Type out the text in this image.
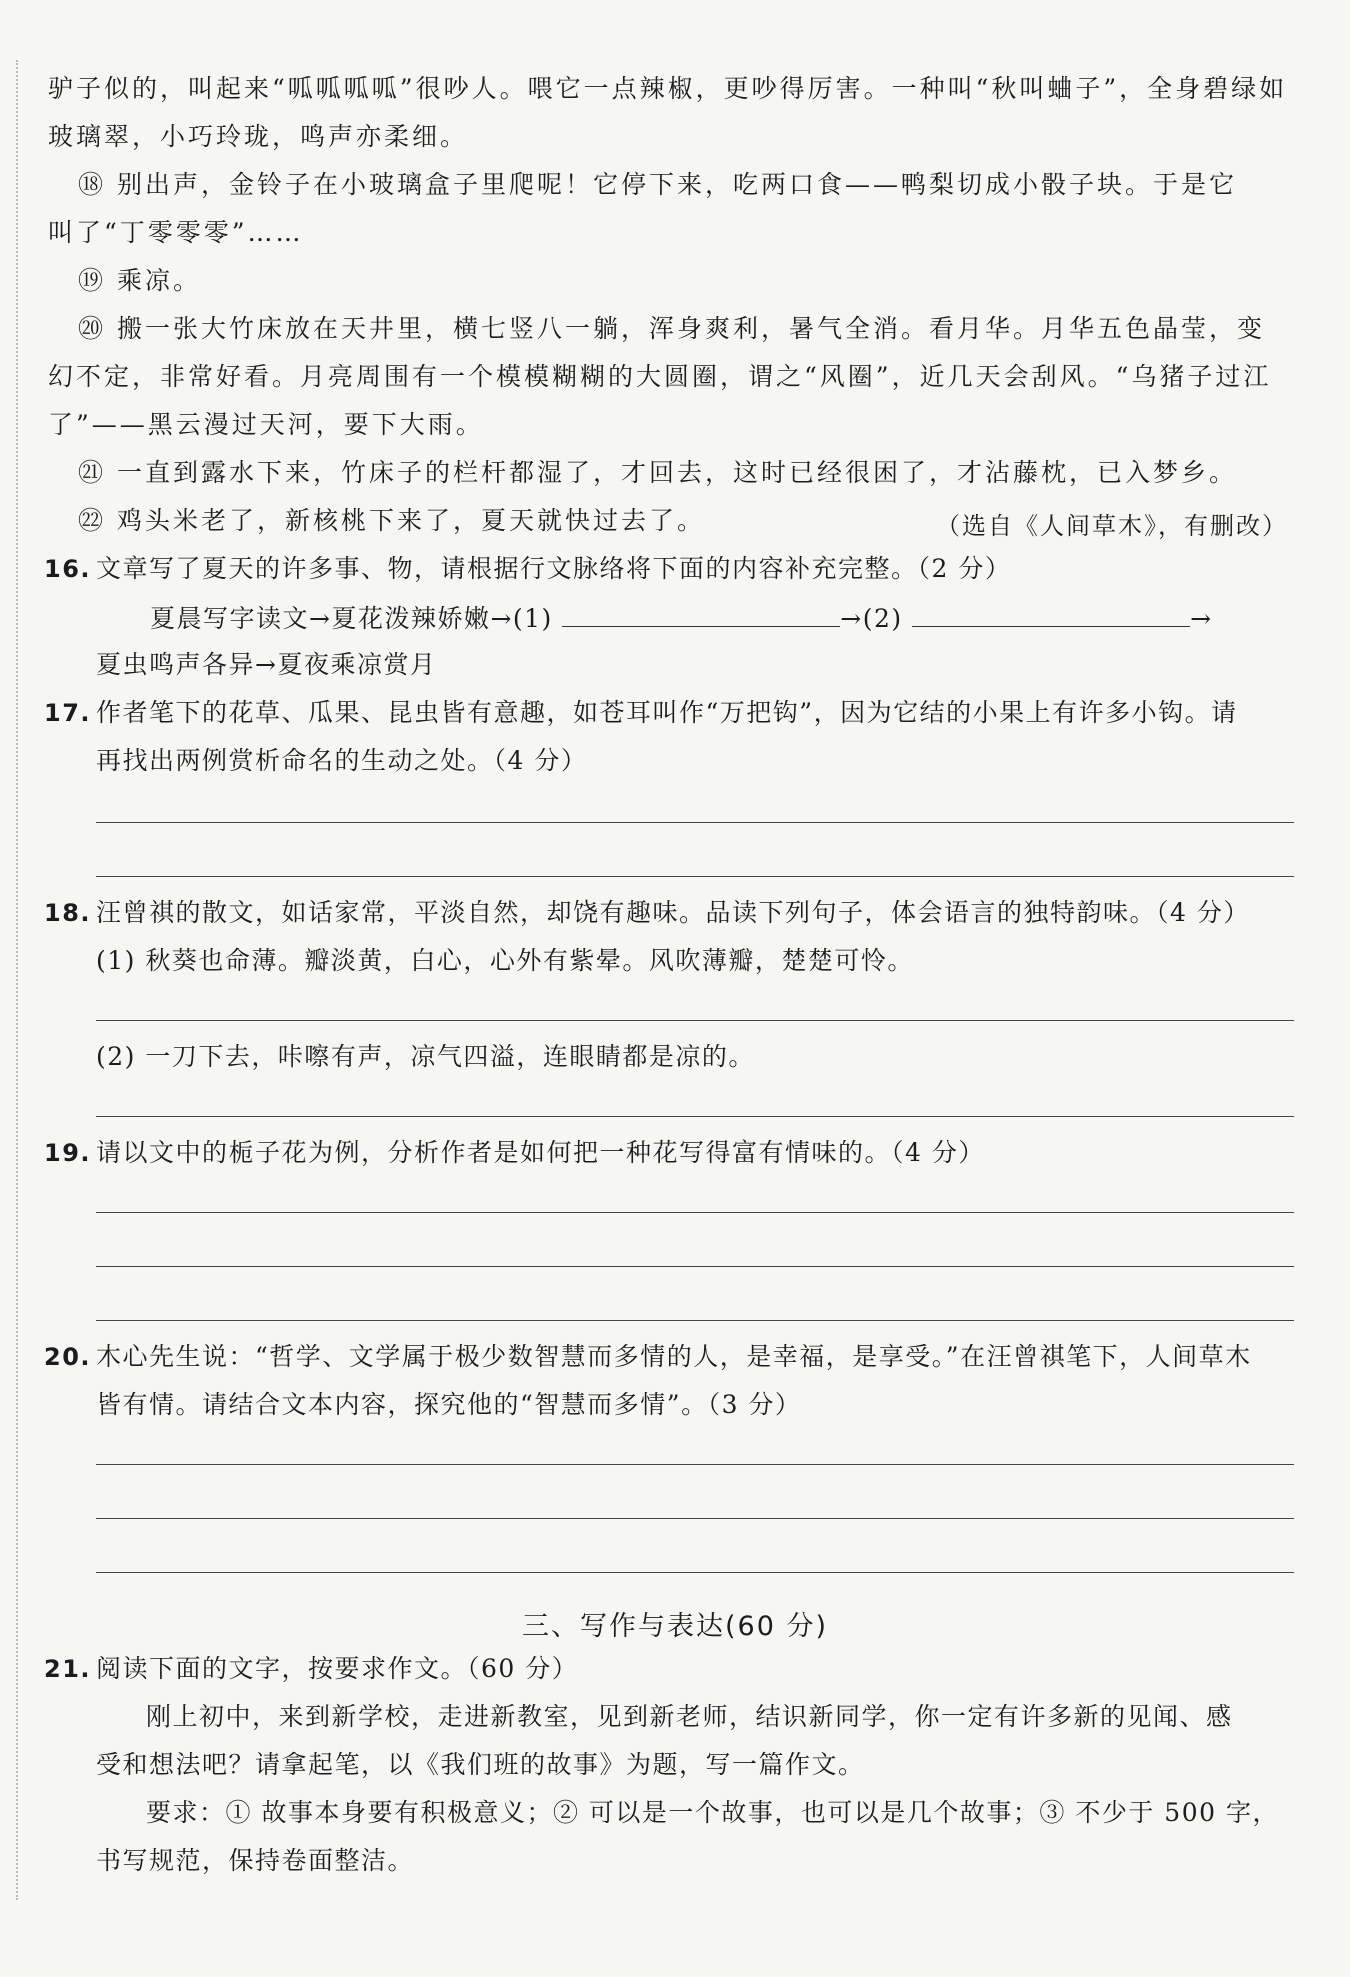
驴子似的，叫起来“呱呱呱呱”很吵人。喂它一点辣椒，更吵得厉害。一种叫“秋叫蛐子”，全身碧绿如
玻璃翠，小巧玲珑，鸣声亦柔细。
⑱ 别出声，金铃子在小玻璃盒子里爬呢！它停下来，吃两口食——鸭梨切成小骰子块。于是它
叫了“丁零零零”……
⑲ 乘凉。
⑳ 搬一张大竹床放在天井里，横七竖八一躺，浑身爽利，暑气全消。看月华。月华五色晶莹，变
幻不定，非常好看。月亮周围有一个模模糊糊的大圆圈，谓之“风圈”，近几天会刮风。“乌猪子过江
了”——黑云漫过天河，要下大雨。
㉑ 一直到露水下来，竹床子的栏杆都湿了，才回去，这时已经很困了，才沾藤枕，已入梦乡。
㉒ 鸡头米老了，新核桃下来了，夏天就快过去了。	（选自《人间草木》，有删改）
16. 文章写了夏天的许多事、物，请根据行文脉络将下面的内容补充完整。（2 分）
夏晨写字读文→夏花泼辣娇嫩→(1)	→(2)	→
夏虫鸣声各异→夏夜乘凉赏月
17. 作者笔下的花草、瓜果、昆虫皆有意趣，如苍耳叫作“万把钩”，因为它结的小果上有许多小钩。请
再找出两例赏析命名的生动之处。（4 分）
18. 汪曾祺的散文，如话家常，平淡自然，却饶有趣味。品读下列句子，体会语言的独特韵味。（4 分）
(1) 秋葵也命薄。瓣淡黄，白心，心外有紫晕。风吹薄瓣，楚楚可怜。
(2) 一刀下去，咔嚓有声，凉气四溢，连眼睛都是凉的。
19. 请以文中的栀子花为例，分析作者是如何把一种花写得富有情味的。（4 分）
20. 木心先生说：“哲学、文学属于极少数智慧而多情的人，是幸福，是享受。”在汪曾祺笔下，人间草木
皆有情。请结合文本内容，探究他的“智慧而多情”。（3 分）
三、写作与表达(60 分)
21. 阅读下面的文字，按要求作文。（60 分）
刚上初中，来到新学校，走进新教室，见到新老师，结识新同学，你一定有许多新的见闻、感
受和想法吧？请拿起笔，以《我们班的故事》为题，写一篇作文。
要求：① 故事本身要有积极意义；② 可以是一个故事，也可以是几个故事；③ 不少于 500 字，
书写规范，保持卷面整洁。
